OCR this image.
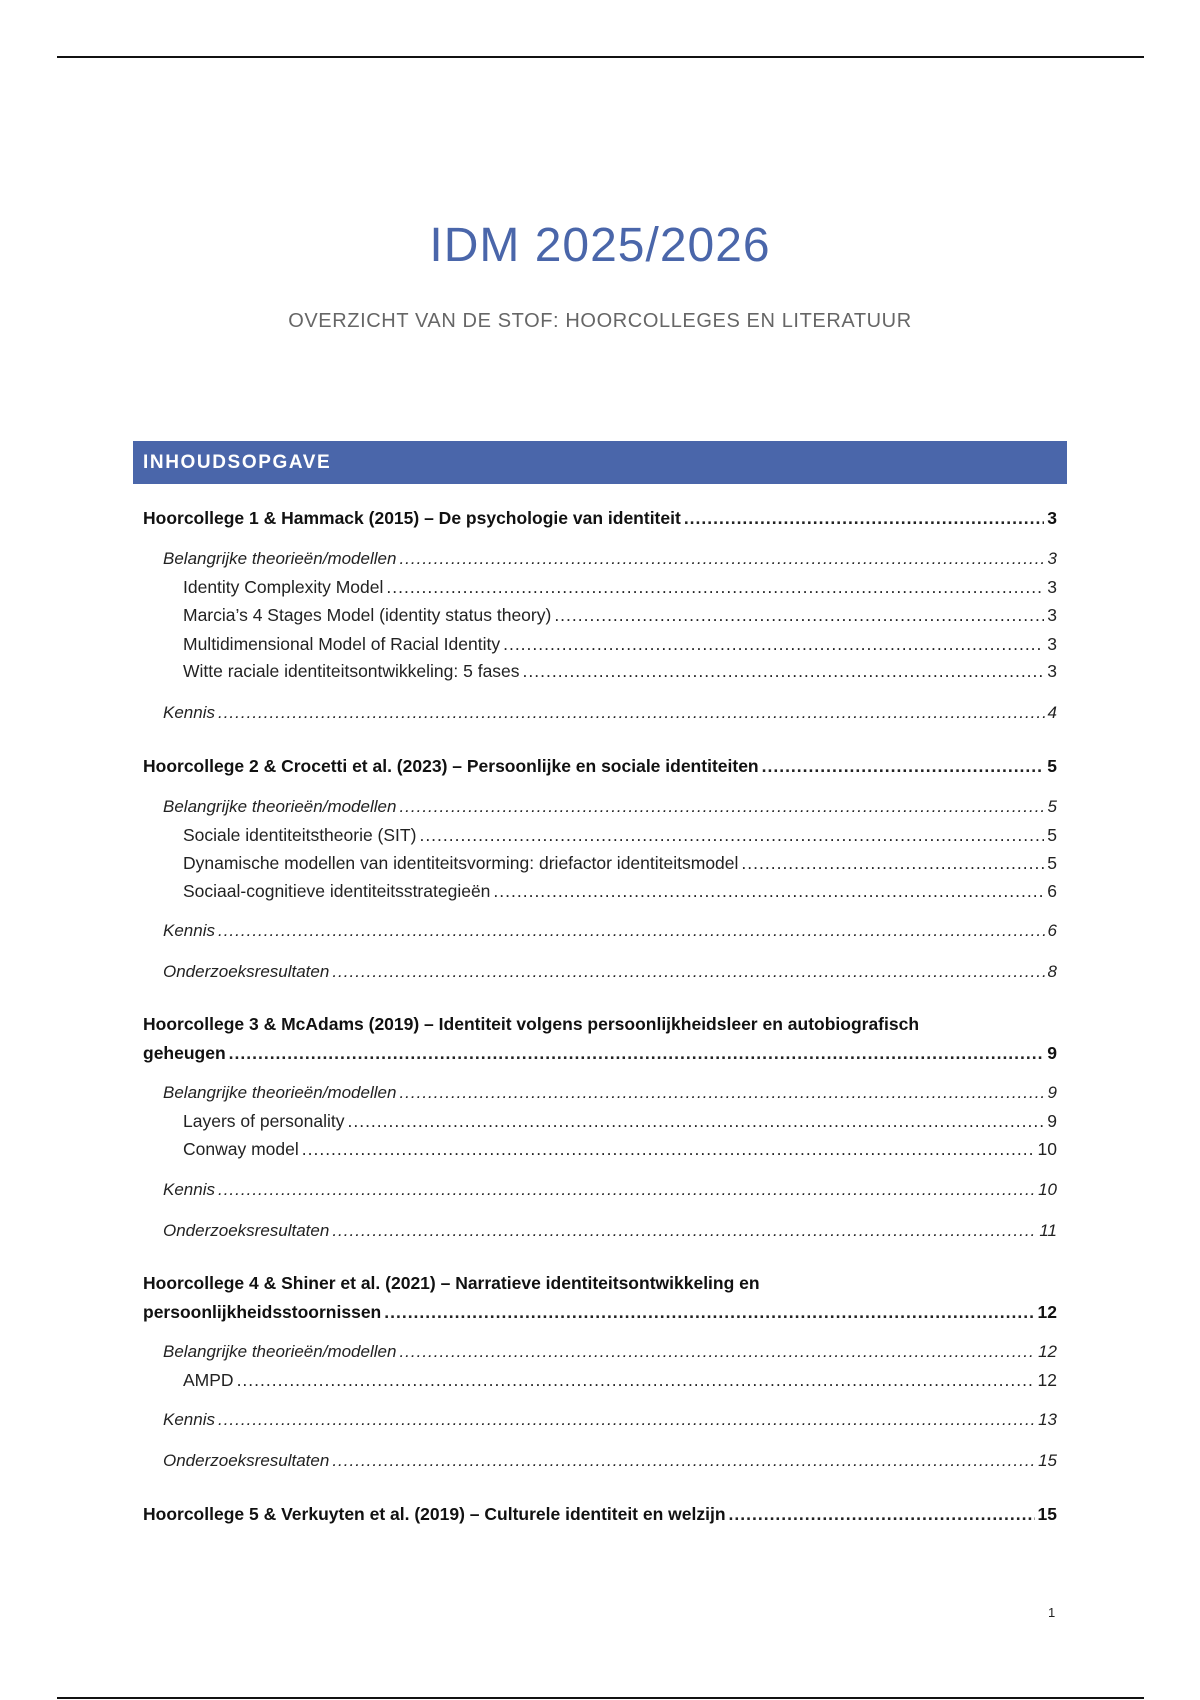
IDM 2025/2026
OVERZICHT VAN DE STOF: HOORCOLLEGES EN LITERATUUR
INHOUDSOPGAVE
Hoorcollege 1 & Hammack (2015) – De psychologie van identiteit .....	3
Belangrijke theorieën/modellen .....	3
Identity Complexity Model .....	3
Marcia’s 4 Stages Model (identity status theory) .....	3
Multidimensional Model of Racial Identity .....	3
Witte raciale identiteitsontwikkeling: 5 fases .....	3
Kennis .....	4
Hoorcollege 2 & Crocetti et al. (2023) – Persoonlijke en sociale identiteiten .....	5
Belangrijke theorieën/modellen .....	5
Sociale identiteitstheorie (SIT) .....	5
Dynamische modellen van identiteitsvorming: driefactor identiteitsmodel .....	5
Sociaal-cognitieve identiteitsstrategieën .....	6
Kennis .....	6
Onderzoeksresultaten .....	8
Hoorcollege 3 & McAdams (2019) – Identiteit volgens persoonlijkheidsleer en autobiografisch
geheugen .....	9
Belangrijke theorieën/modellen .....	9
Layers of personality .....	9
Conway model .....	10
Kennis .....	10
Onderzoeksresultaten .....	11
Hoorcollege 4 & Shiner et al. (2021) – Narratieve identiteitsontwikkeling en
persoonlijkheidsstoornissen .....	12
Belangrijke theorieën/modellen .....	12
AMPD .....	12
Kennis .....	13
Onderzoeksresultaten .....	15
Hoorcollege 5 & Verkuyten et al. (2019) – Culturele identiteit en welzijn .....	15
1
